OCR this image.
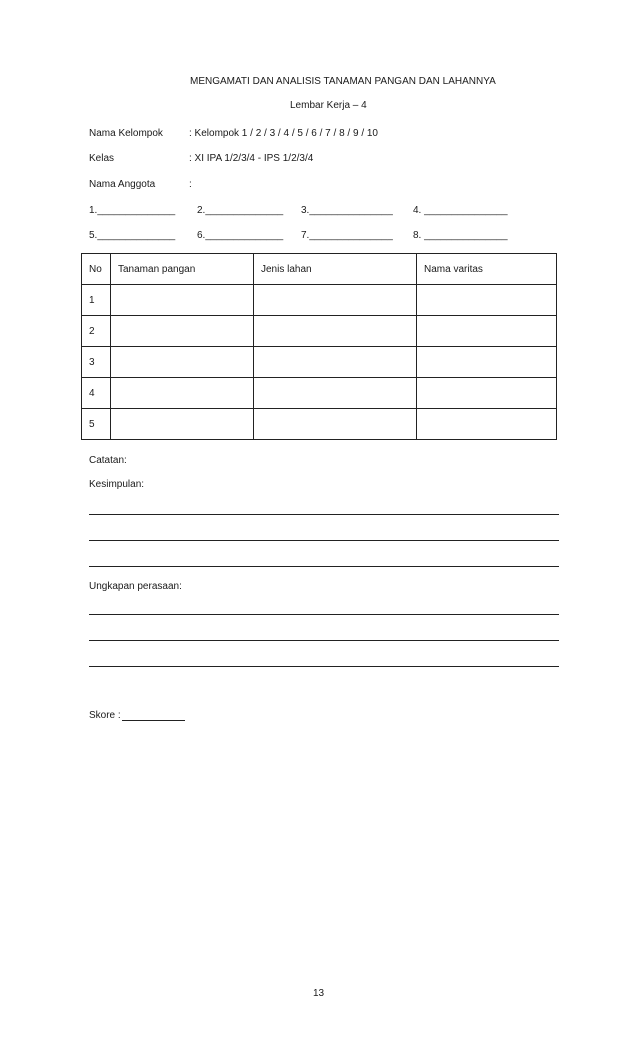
MENGAMATI DAN ANALISIS TANAMAN PANGAN DAN LAHANNYA
Lembar Kerja – 4
Nama Kelompok	: Kelompok 1 / 2 / 3 / 4 / 5 / 6 / 7 / 8 / 9 / 10
Kelas	: XI IPA 1/2/3/4 - IPS 1/2/3/4
Nama Anggota	:
1.______________ 2.______________ 3._______________ 4. _______________
5.______________ 6.______________ 7._______________ 8. _______________
No	Tanaman pangan	Jenis lahan	Nama varitas
1			
2			
3			
4			
5			
Catatan:
Kesimpulan:
Ungkapan perasaan:
Skore :
13
